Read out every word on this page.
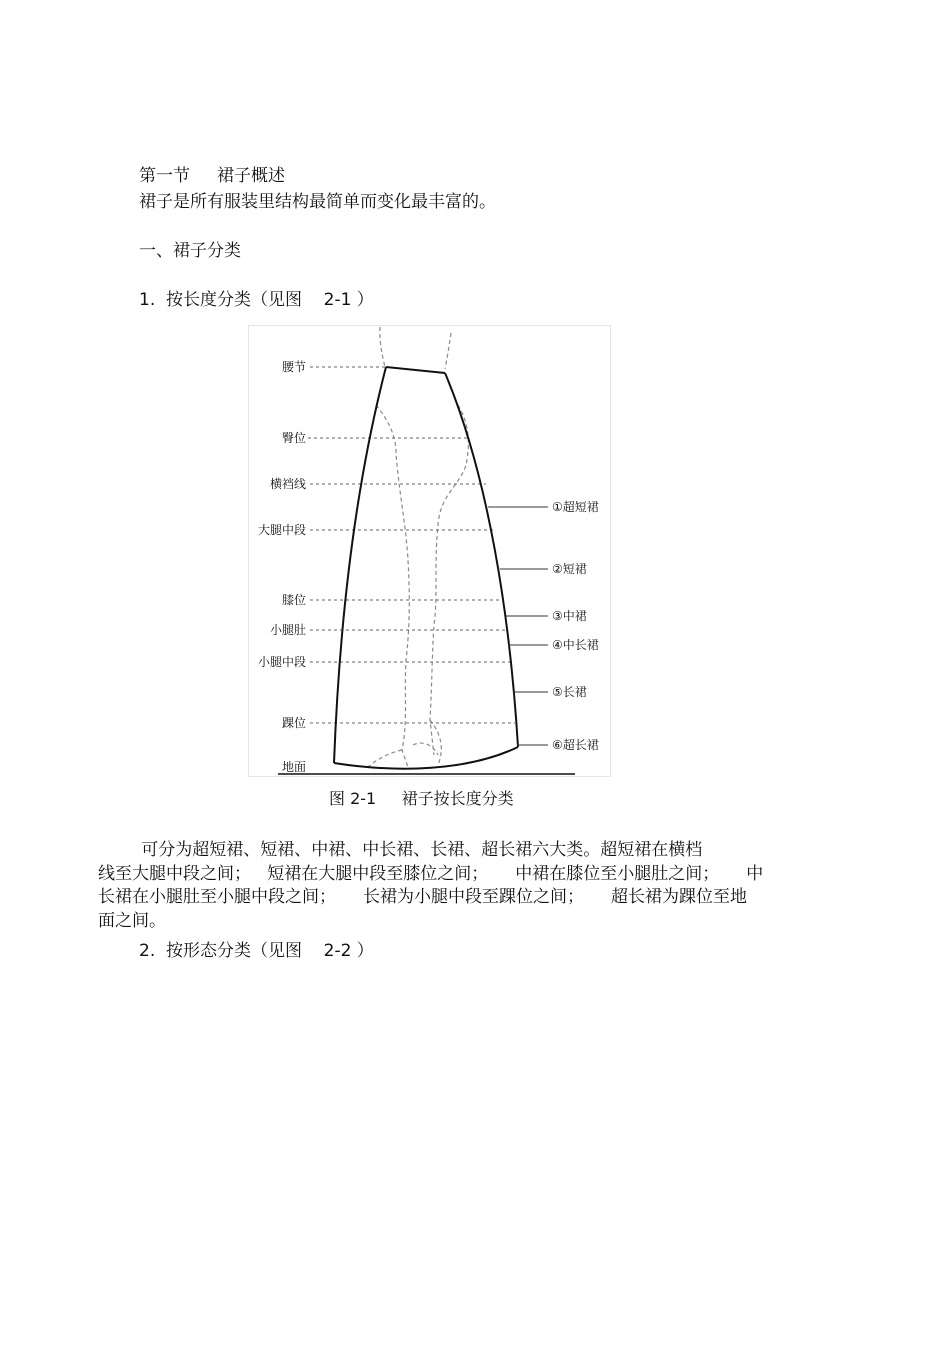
第一节     裙子概述
裙子是所有服装里结构最简单而变化最丰富的。
一、裙子分类
1.  按长度分类（见图    2-1 ）
腰节
臀位
横裆线
大腿中段
膝位
小腿肚
小腿中段
踝位
地面
①超短裙
②短裙
③中裙
④中长裙
⑤长裙
⑥超长裙
图 2-1     裙子按长度分类
可分为超短裙、短裙、中裙、中长裙、长裙、超长裙六大类。超短裙在横档
线至大腿中段之间；   短裙在大腿中段至膝位之间；     中裙在膝位至小腿肚之间；     中
长裙在小腿肚至小腿中段之间；     长裙为小腿中段至踝位之间；     超长裙为踝位至地
面之间。
2.  按形态分类（见图    2-2 ）
